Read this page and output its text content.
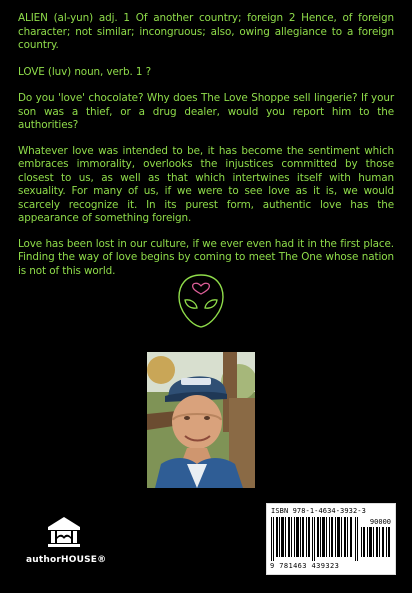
ALIEN (al-yun) adj. 1 Of another country; foreign 2 Hence, of foreign character; not similar; incongruous; also, owing allegiance to a foreign country.

LOVE (luv) noun, verb. 1 ?

Do you 'love' chocolate? Why does The Love Shoppe sell lingerie? If your son was a thief, or a drug dealer, would you report him to the authorities?

Whatever love was intended to be, it has become the sentiment which embraces immorality, overlooks the injustices committed by those closest to us, as well as that which intertwines itself with human sexuality. For many of us, if we were to see love as it is, we would scarcely recognize it. In its purest form, authentic love has the appearance of something foreign.

Love has been lost in our culture, if we ever even had it in the first place. Finding the way of love begins by coming to meet The One whose nation is not of this world.

authorHOUSE®
ISBN 978-1-4634-3932-3
90000
9 781463 439323
